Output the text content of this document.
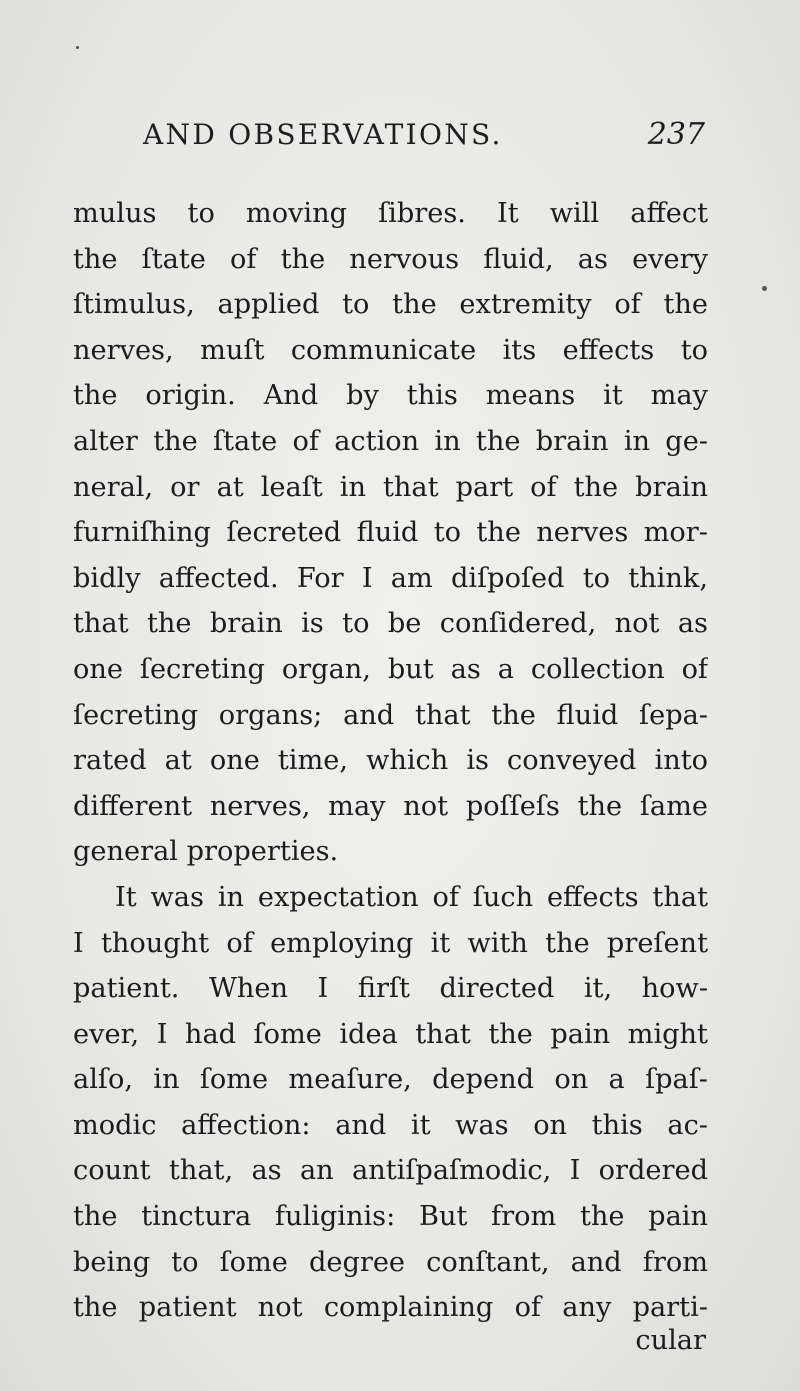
AND OBSERVATIONS.	237
mulus to moving ſibres. It will affect
the ſtate of the nervous fluid, as every
ſtimulus, applied to the extremity of the
nerves, muſt communicate its effects to
the origin. And by this means it may
alter the ſtate of action in the brain in ge-
neral, or at leaſt in that part of the brain
furniſhing ſecreted fluid to the nerves mor-
bidly affected. For I am diſpoſed to think,
that the brain is to be conſidered, not as
one ſecreting organ, but as a collection of
ſecreting organs; and that the fluid ſepa-
rated at one time, which is conveyed into
different nerves, may not poſſeſs the ſame
general properties.
It was in expectation of ſuch effects that
I thought of employing it with the preſent
patient. When I firſt directed it, how-
ever, I had ſome idea that the pain might
alſo, in ſome meaſure, depend on a ſpaſ-
modic affection: and it was on this ac-
count that, as an antiſpaſmodic, I ordered
the tinctura fuliginis: But from the pain
being to ſome degree conſtant, and from
the patient not complaining of any parti-
cular
